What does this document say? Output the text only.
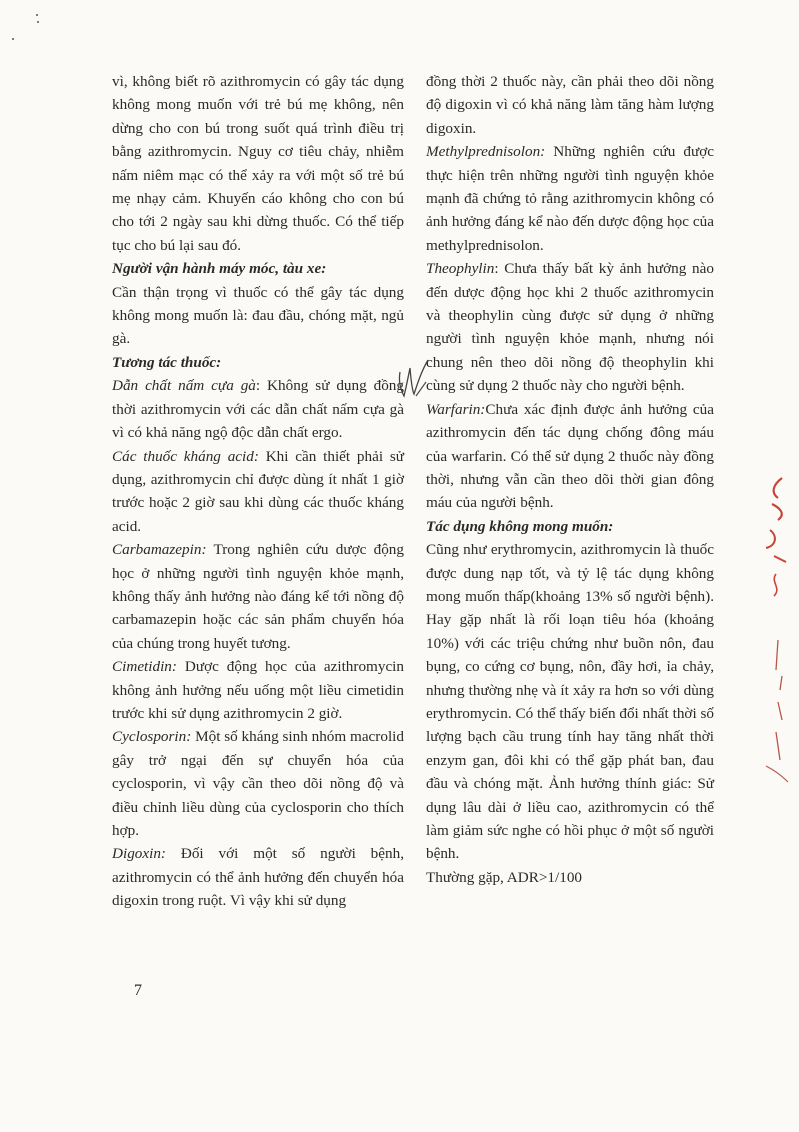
vì, không biết rõ azithromycin có gây tác dụng không mong muốn với trẻ bú mẹ không, nên dừng cho con bú trong suốt quá trình điều trị bằng azithromycin. Nguy cơ tiêu chảy, nhiễm nấm niêm mạc có thể xảy ra với một số trẻ bú mẹ nhạy cảm. Khuyến cáo không cho con bú cho tới 2 ngày sau khi dừng thuốc. Có thể tiếp tục cho bú lại sau đó.

Người vận hành máy móc, tàu xe:

Cần thận trọng vì thuốc có thể gây tác dụng không mong muốn là: đau đầu, chóng mặt, ngủ gà.

Tương tác thuốc:

Dẫn chất nấm cựa gà: Không sử dụng đồng thời azithromycin với các dẫn chất nấm cựa gà vì có khả năng ngộ độc dẫn chất ergo.

Các thuốc kháng acid: Khi cần thiết phải sử dụng, azithromycin chỉ được dùng ít nhất 1 giờ trước hoặc 2 giờ sau khi dùng các thuốc kháng acid.

Carbamazepin: Trong nghiên cứu dược động học ở những người tình nguyện khỏe mạnh, không thấy ảnh hưởng nào đáng kể tới nồng độ carbamazepin hoặc các sản phẩm chuyển hóa của chúng trong huyết tương.

Cimetidin: Dược động học của azithromycin không ảnh hưởng nếu uống một liều cimetidin trước khi sử dụng azithromycin 2 giờ.

Cyclosporin: Một số kháng sinh nhóm macrolid gây trở ngại đến sự chuyển hóa của cyclosporin, vì vậy cần theo dõi nồng độ và điều chỉnh liều dùng của cyclosporin cho thích hợp.

Digoxin: Đối với một số người bệnh, azithromycin có thể ảnh hưởng đến chuyển hóa digoxin trong ruột. Vì vậy khi sử dụng

đồng thời 2 thuốc này, cần phải theo dõi nồng độ digoxin vì có khả năng làm tăng hàm lượng digoxin.

Methylprednisolon: Những nghiên cứu được thực hiện trên những người tình nguyện khỏe mạnh đã chứng tỏ rằng azithromycin không có ảnh hưởng đáng kể nào đến dược động học của methylprednisolon.

Theophylin: Chưa thấy bất kỳ ảnh hưởng nào đến dược động học khi 2 thuốc azithromycin và theophylin cùng được sử dụng ở những người tình nguyện khỏe mạnh, nhưng nói chung nên theo dõi nồng độ theophylin khi cùng sử dụng 2 thuốc này cho người bệnh.

Warfarin:Chưa xác định được ảnh hưởng của azithromycin đến tác dụng chống đông máu của warfarin. Có thể sử dụng 2 thuốc này đồng thời, nhưng vẫn cần theo dõi thời gian đông máu của người bệnh.

Tác dụng không mong muốn:

Cũng như erythromycin, azithromycin là thuốc được dung nạp tốt, và tỷ lệ tác dụng không mong muốn thấp(khoảng 13% số người bệnh). Hay gặp nhất là rối loạn tiêu hóa (khoảng 10%) với các triệu chứng như buồn nôn, đau bụng, co cứng cơ bụng, nôn, đầy hơi, ỉa chảy, nhưng thường nhẹ và ít xảy ra hơn so với dùng erythromycin. Có thể thấy biến đổi nhất thời số lượng bạch cầu trung tính hay tăng nhất thời enzym gan, đôi khi có thể gặp phát ban, đau đầu và chóng mặt. Ảnh hưởng thính giác: Sử dụng lâu dài ở liều cao, azithromycin có thể làm giảm sức nghe có hồi phục ở một số người bệnh.

Thường gặp, ADR>1/100

7
